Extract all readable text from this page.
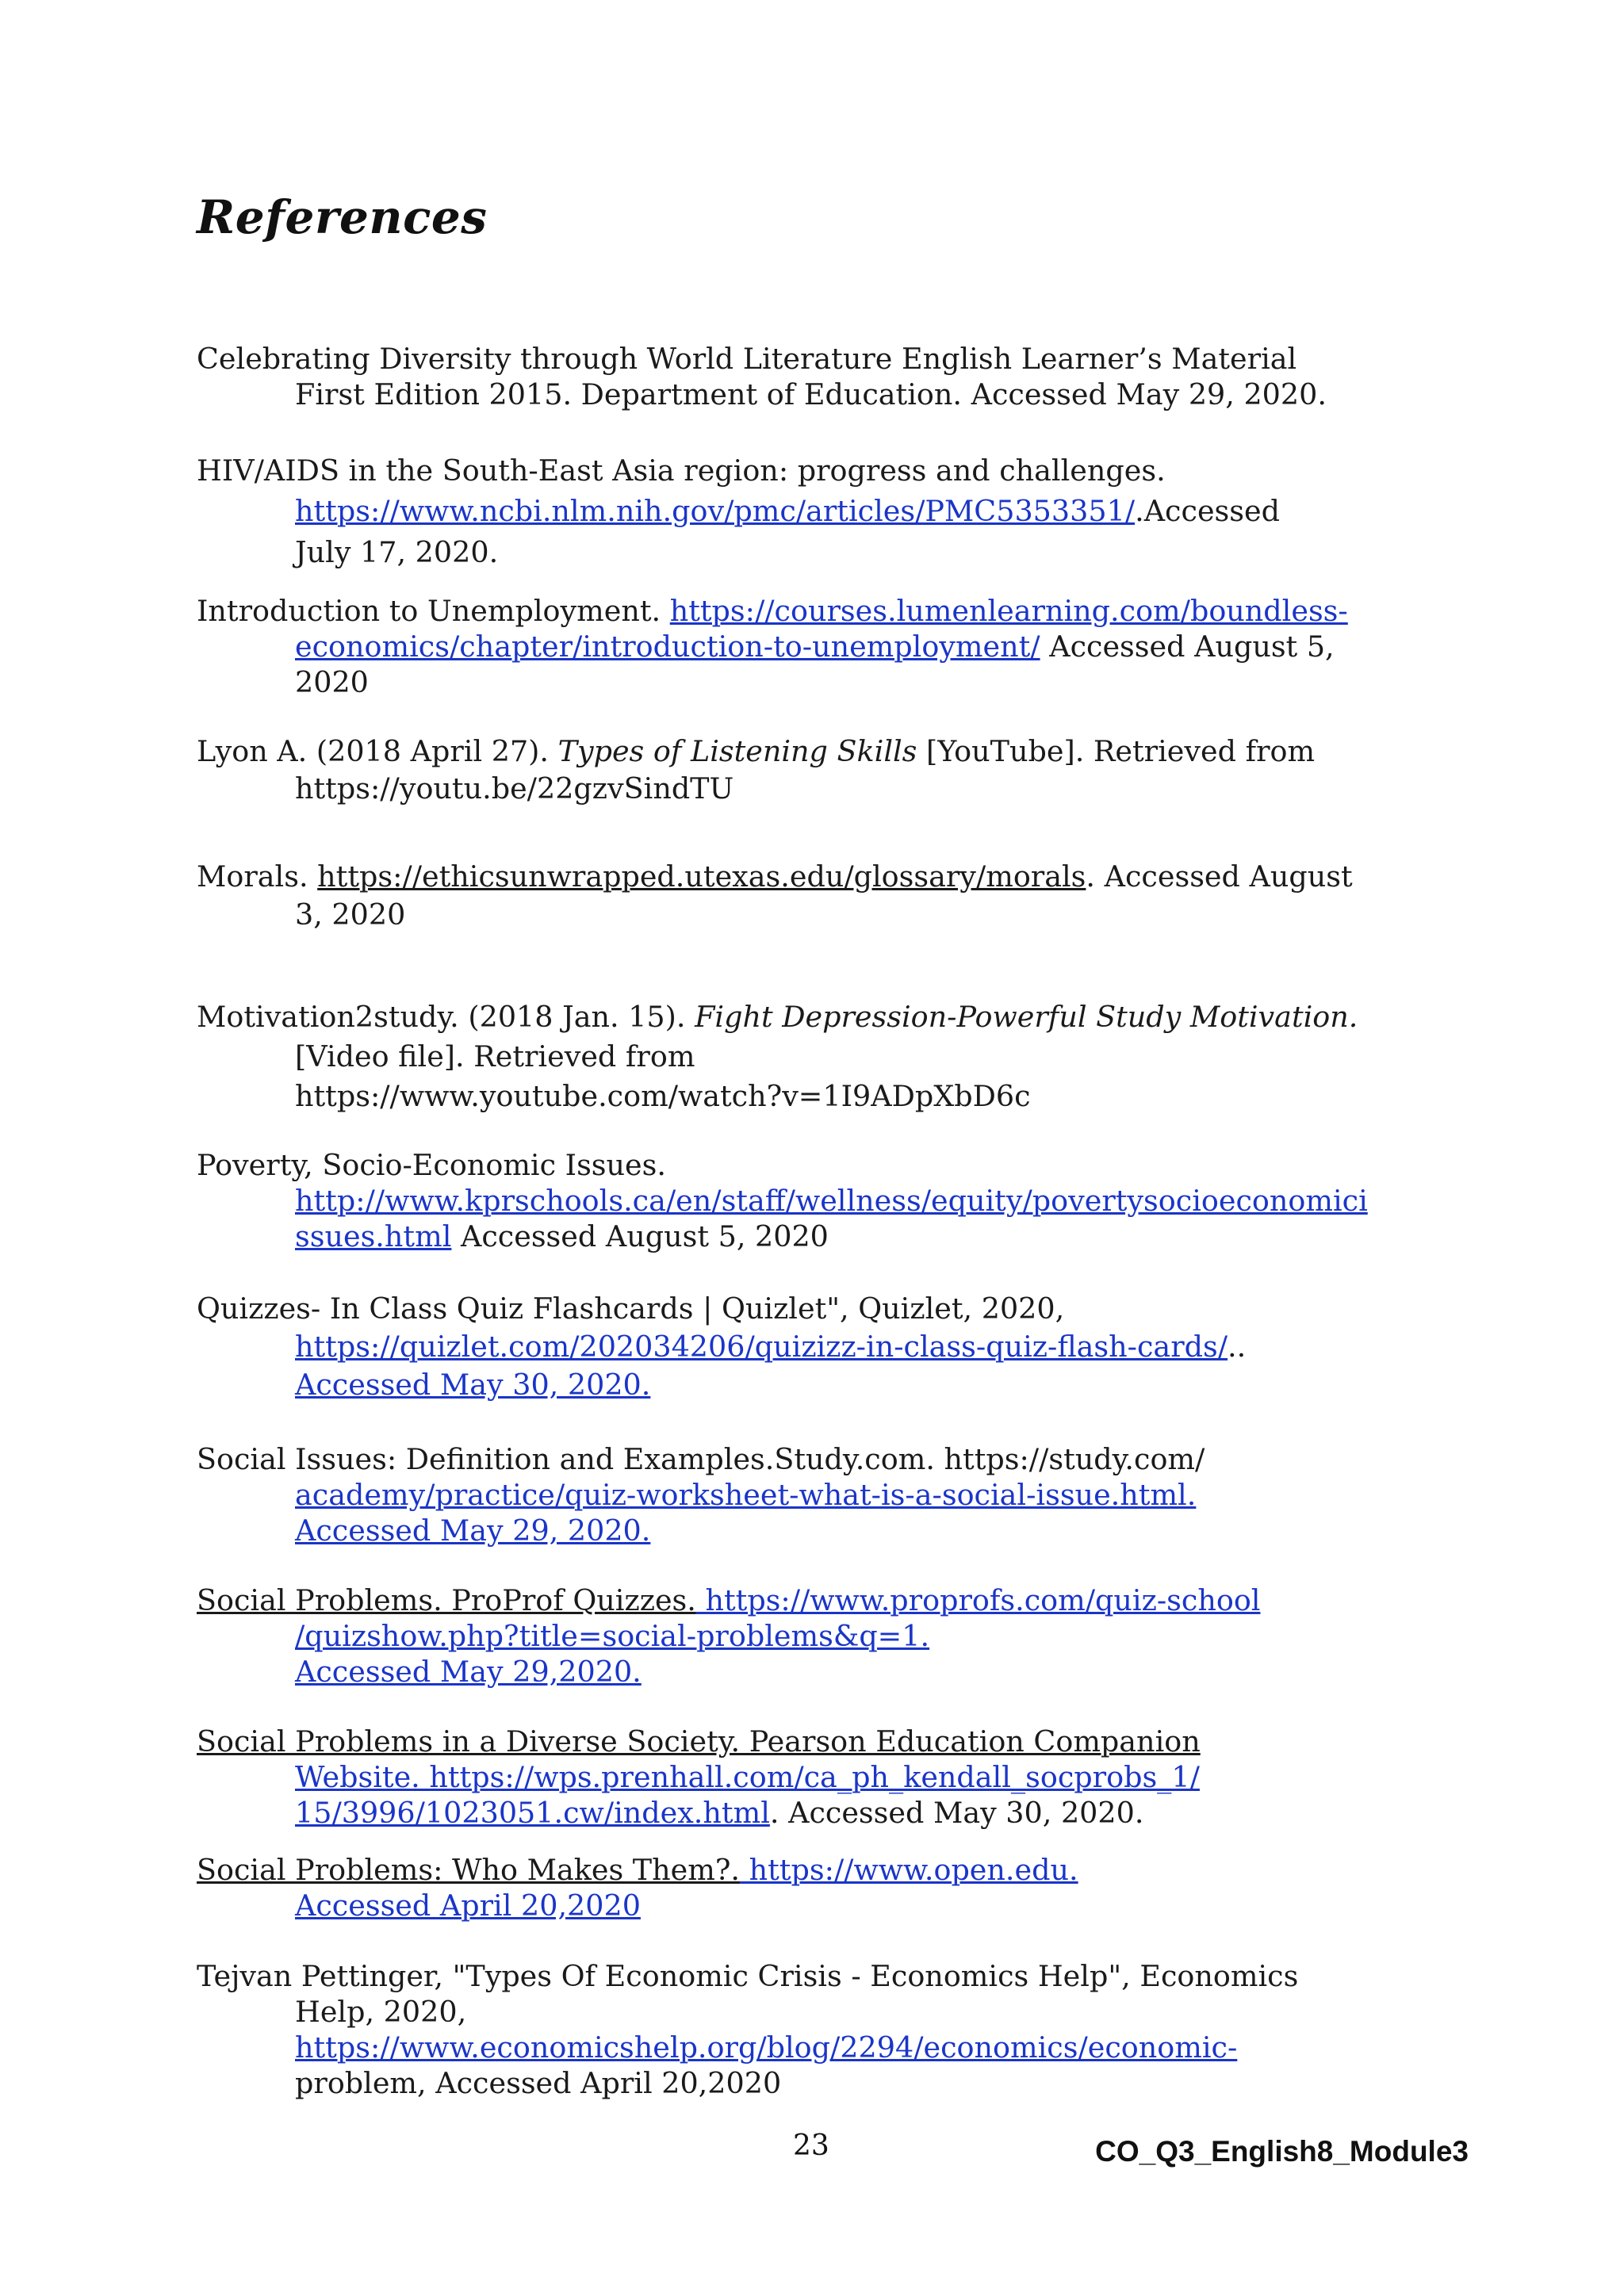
References
Celebrating Diversity through World Literature English Learner’s Material
First Edition 2015. Department of Education. Accessed May 29, 2020.
HIV/AIDS in the South-East Asia region: progress and challenges.
https://www.ncbi.nlm.nih.gov/pmc/articles/PMC5353351/.Accessed
July 17, 2020.
Introduction to Unemployment. https://courses.lumenlearning.com/boundless-
economics/chapter/introduction-to-unemployment/ Accessed August 5,
2020
Lyon A. (2018 April 27). Types of Listening Skills [YouTube]. Retrieved from
https://youtu.be/22gzvSindTU
Morals. https://ethicsunwrapped.utexas.edu/glossary/morals. Accessed August
3, 2020
Motivation2study. (2018 Jan. 15). Fight Depression-Powerful Study Motivation.
[Video file]. Retrieved from
https://www.youtube.com/watch?v=1I9ADpXbD6c
Poverty, Socio-Economic Issues.
http://www.kprschools.ca/en/staff/wellness/equity/povertysocioeconomici
ssues.html Accessed August 5, 2020
Quizzes- In Class Quiz Flashcards | Quizlet", Quizlet, 2020,
https://quizlet.com/202034206/quizizz-in-class-quiz-flash-cards/..
Accessed May 30, 2020.
Social Issues: Definition and Examples.Study.com. https://study.com/
academy/practice/quiz-worksheet-what-is-a-social-issue.html.
Accessed May 29, 2020.
Social Problems. ProProf Quizzes. https://www.proprofs.com/quiz-school
/quizshow.php?title=social-problems&q=1.
Accessed May 29,2020.
Social Problems in a Diverse Society. Pearson Education Companion
Website. https://wps.prenhall.com/ca_ph_kendall_socprobs_1/
15/3996/1023051.cw/index.html. Accessed May 30, 2020.
Social Problems: Who Makes Them?. https://www.open.edu.
Accessed April 20,2020
Tejvan Pettinger, "Types Of Economic Crisis - Economics Help", Economics
Help, 2020,
https://www.economicshelp.org/blog/2294/economics/economic-
problem, Accessed April 20,2020
23	CO_Q3_English8_Module3
